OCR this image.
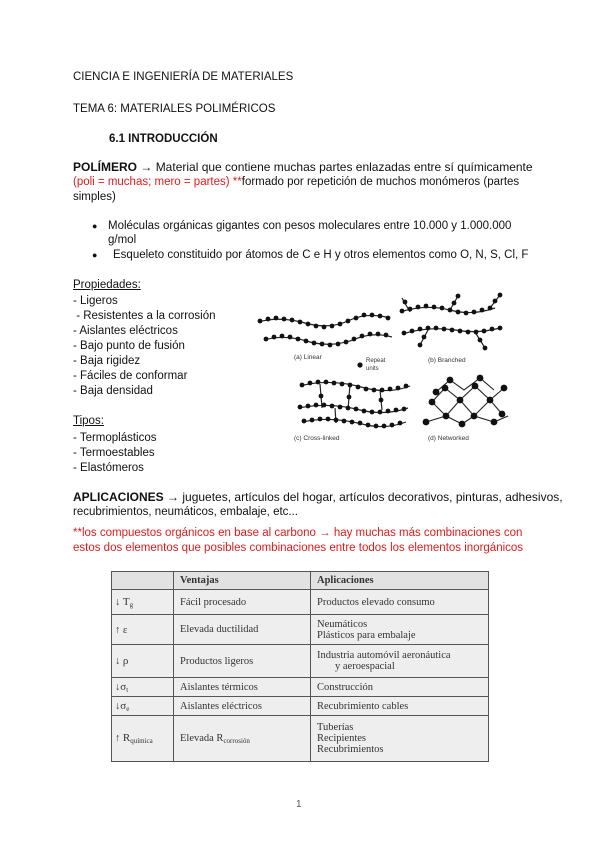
CIENCIA E INGENIERÍA DE MATERIALES
TEMA 6: MATERIALES POLIMÉRICOS
6.1 INTRODUCCIÓN
POLÍMERO → Material que contiene muchas partes enlazadas entre sí químicamente
(poli = muchas; mero = partes) **formado por repetición de muchos monómeros (partes
simples)
● Moléculas orgánicas gigantes con pesos moleculares entre 10.000 y 1.000.000
g/mol
● Esqueleto constituido por átomos de C e H y otros elementos como O, N, S, Cl, F
Propiedades:
- Ligeros
- Resistentes a la corrosión
- Aislantes eléctricos
- Bajo punto de fusión
- Baja rigidez
- Fáciles de conformar
- Baja densidad
Tipos:
- Termoplásticos
- Termoestables
- Elastómeros
(a) Linear	(b) Branched
Repeat
units
(c) Cross-linked	(d) Networked
APLICACIONES → juguetes, artículos del hogar, artículos decorativos, pinturas, adhesivos,
recubrimientos, neumáticos, embalaje, etc...
**los compuestos orgánicos en base al carbono → hay muchas más combinaciones con
estos dos elementos que posibles combinaciones entre todos los elementos inorgánicos
	Ventajas	Aplicaciones
↓ $T_g$	Fácil procesado	Productos elevado consumo

↑ ε	Elevada ductilidad	Neumáticos
Plásticos para embalaje

↓ ρ	Productos ligeros	Industria automóvil aeronáutica
y aeroespacial

$↓\sigma_t$	Aislantes térmicos	Construcción

$↓\sigma_e$	Aislantes eléctricos	Recubrimiento cables

↑ $R_{química}$	Elevada $R_{corrosión}$	Tuberías
Recipientes
Recubrimientos
1
